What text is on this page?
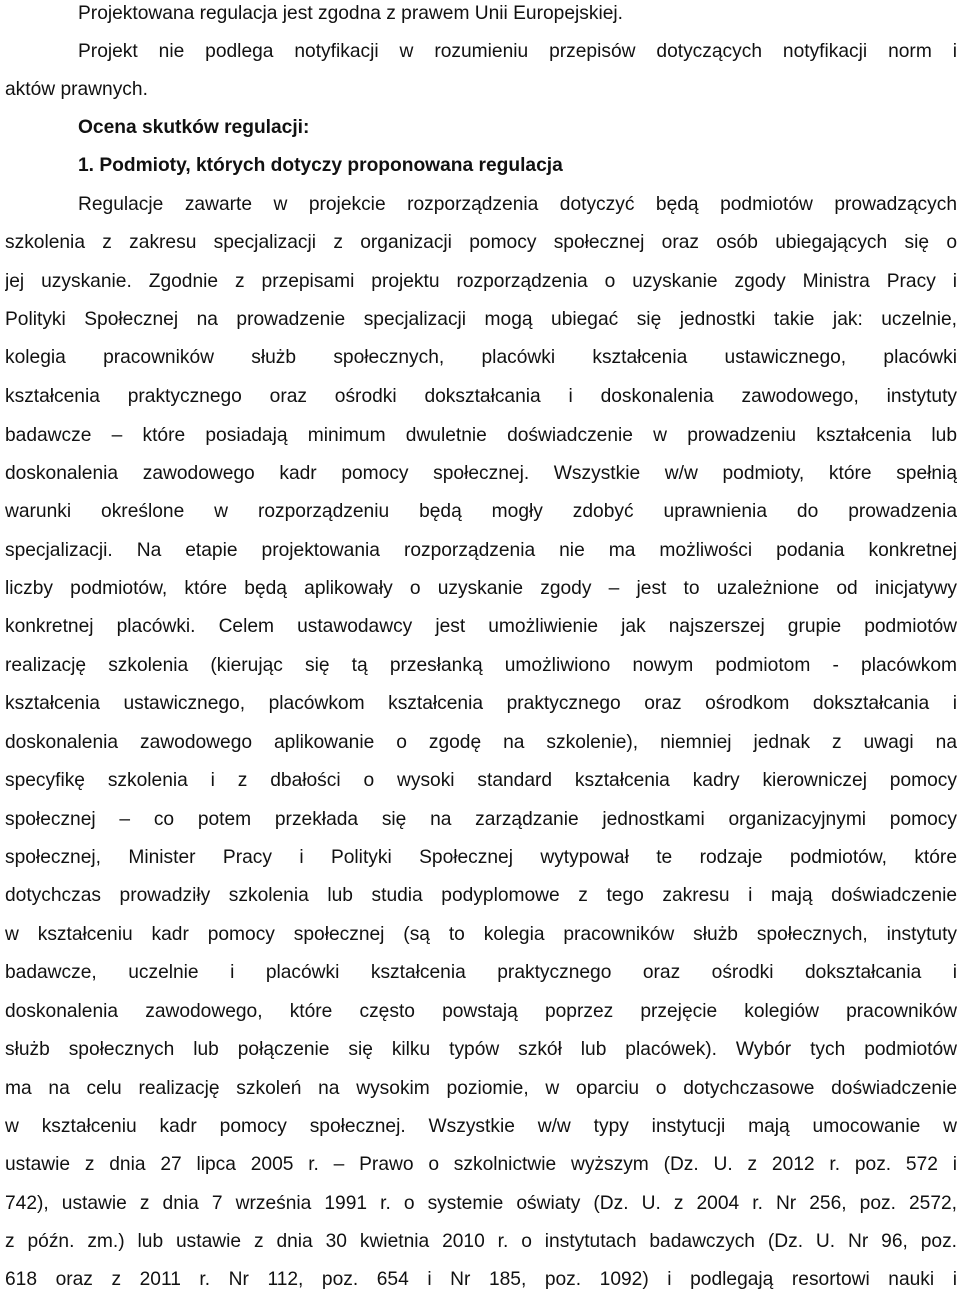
Projektowana regulacja jest zgodna z prawem Unii Europejskiej.
Projekt nie podlega notyfikacji w rozumieniu przepisów dotyczących notyfikacji norm i
aktów prawnych.
Ocena skutków regulacji:
1. Podmioty, których dotyczy proponowana regulacja
Regulacje zawarte w projekcie rozporządzenia dotyczyć będą podmiotów prowadzących
szkolenia z zakresu specjalizacji z organizacji pomocy społecznej oraz osób ubiegających się o
jej uzyskanie. Zgodnie z przepisami projektu rozporządzenia o uzyskanie zgody Ministra Pracy i
Polityki Społecznej na prowadzenie specjalizacji mogą ubiegać się jednostki takie jak: uczelnie,
kolegia pracowników służb społecznych, placówki kształcenia ustawicznego, placówki
kształcenia praktycznego oraz ośrodki dokształcania i doskonalenia zawodowego, instytuty
badawcze – które posiadają minimum dwuletnie doświadczenie w prowadzeniu kształcenia lub
doskonalenia zawodowego kadr pomocy społecznej. Wszystkie w/w podmioty, które spełnią
warunki określone w rozporządzeniu będą mogły zdobyć uprawnienia do prowadzenia
specjalizacji. Na etapie projektowania rozporządzenia nie ma możliwości podania konkretnej
liczby podmiotów, które będą aplikowały o uzyskanie zgody – jest to uzależnione od inicjatywy
konkretnej placówki. Celem ustawodawcy jest umożliwienie jak najszerszej grupie podmiotów
realizację szkolenia (kierując się tą przesłanką umożliwiono nowym podmiotom - placówkom
kształcenia ustawicznego, placówkom kształcenia praktycznego oraz ośrodkom dokształcania i
doskonalenia zawodowego aplikowanie o zgodę na szkolenie), niemniej jednak z uwagi na
specyfikę szkolenia i z dbałości o wysoki standard kształcenia kadry kierowniczej pomocy
społecznej – co potem przekłada się na zarządzanie jednostkami organizacyjnymi pomocy
społecznej, Minister Pracy i Polityki Społecznej wytypował te rodzaje podmiotów, które
dotychczas prowadziły szkolenia lub studia podyplomowe z tego zakresu i mają doświadczenie
w kształceniu kadr pomocy społecznej (są to kolegia pracowników służb społecznych, instytuty
badawcze, uczelnie i placówki kształcenia praktycznego oraz ośrodki dokształcania i
doskonalenia zawodowego, które często powstają poprzez przejęcie kolegiów pracowników
służb społecznych lub połączenie się kilku typów szkół lub placówek). Wybór tych podmiotów
ma na celu realizację szkoleń na wysokim poziomie, w oparciu o dotychczasowe doświadczenie
w kształceniu kadr pomocy społecznej. Wszystkie w/w typy instytucji mają umocowanie w
ustawie z dnia 27 lipca 2005 r. – Prawo o szkolnictwie wyższym (Dz. U. z 2012 r. poz. 572 i
742), ustawie z dnia 7 września 1991 r. o systemie oświaty (Dz. U. z 2004 r. Nr 256, poz. 2572,
z późn. zm.) lub ustawie z dnia 30 kwietnia 2010 r. o instytutach badawczych (Dz. U. Nr 96, poz.
618 oraz z 2011 r. Nr 112, poz. 654 i Nr 185, poz. 1092) i podlegają resortowi nauki i
